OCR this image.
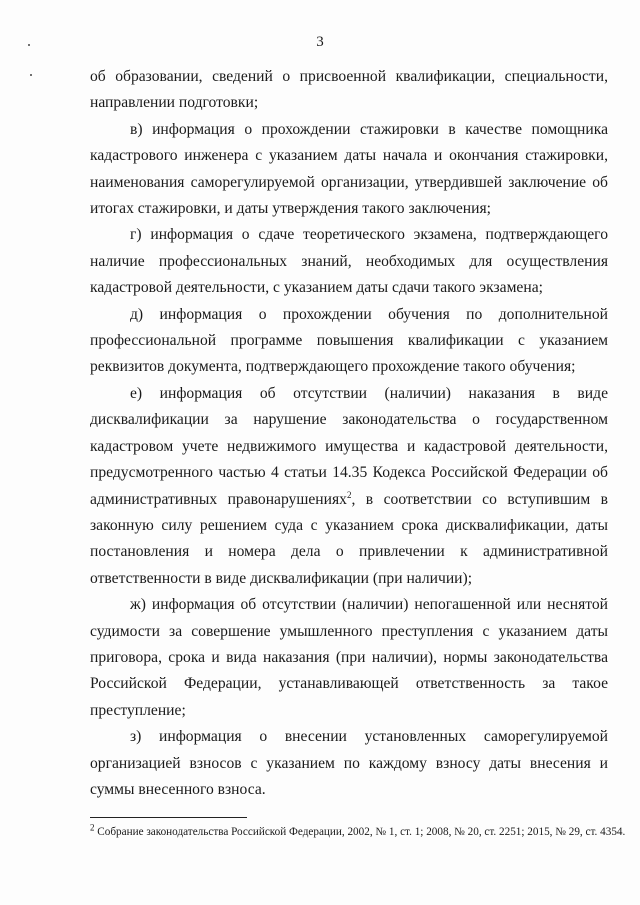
3

об образовании, сведений о присвоенной квалификации, специальности, направлении подготовки;

в) информация о прохождении стажировки в качестве помощника кадастрового инженера с указанием даты начала и окончания стажировки, наименования саморегулируемой организации, утвердившей заключение об итогах стажировки, и даты утверждения такого заключения;

г) информация о сдаче теоретического экзамена, подтверждающего наличие профессиональных знаний, необходимых для осуществления кадастровой деятельности, с указанием даты сдачи такого экзамена;

д) информация о прохождении обучения по дополнительной профессиональной программе повышения квалификации с указанием реквизитов документа, подтверждающего прохождение такого обучения;

е) информация об отсутствии (наличии) наказания в виде дисквалификации за нарушение законодательства о государственном кадастровом учете недвижимого имущества и кадастровой деятельности, предусмотренного частью 4 статьи 14.35 Кодекса Российской Федерации об административных правонарушениях$^2$, в соответствии со вступившим в законную силу решением суда с указанием срока дисквалификации, даты постановления и номера дела о привлечении к административной ответственности в виде дисквалификации (при наличии);

ж) информация об отсутствии (наличии) непогашенной или неснятой судимости за совершение умышленного преступления с указанием даты приговора, срока и вида наказания (при наличии), нормы законодательства Российской Федерации, устанавливающей ответственность за такое преступление;

з) информация о внесении установленных саморегулируемой организацией взносов с указанием по каждому взносу даты внесения и суммы внесенного взноса.

$^2$ Собрание законодательства Российской Федерации, 2002, № 1, ст. 1; 2008, № 20, ст. 2251; 2015, № 29, ст. 4354.
